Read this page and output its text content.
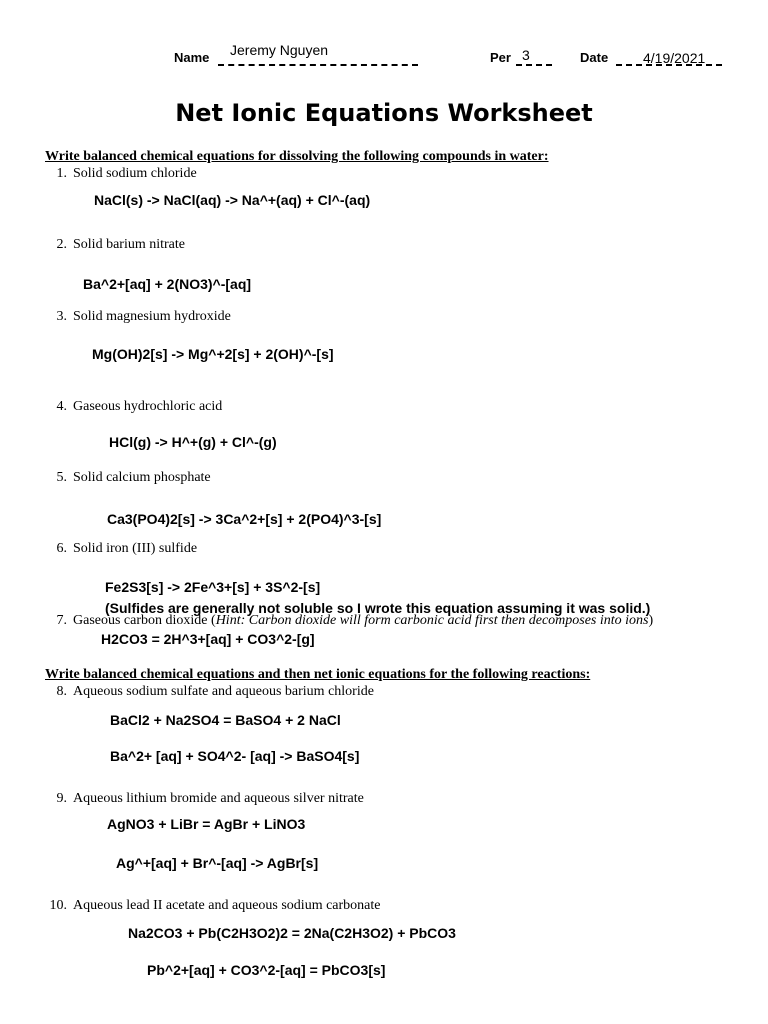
Name Jeremy Nguyen	Per 3	Date 4/19/2021
Net Ionic Equations Worksheet
Write balanced chemical equations for dissolving the following compounds in water:
1. Solid sodium chloride
NaCl(s) -> NaCl(aq) -> Na^+(aq) + Cl^-(aq)
2. Solid barium nitrate
Ba^2+[aq] + 2(NO3)^-[aq]
3. Solid magnesium hydroxide
Mg(OH)2[s] -> Mg^+2[s] + 2(OH)^-[s]
4. Gaseous hydrochloric acid
HCl(g) -> H^+(g) + Cl^-(g)
5. Solid calcium phosphate
Ca3(PO4)2[s] -> 3Ca^2+[s] + 2(PO4)^3-[s]
6. Solid iron (III) sulfide
Fe2S3[s] -> 2Fe^3+[s] + 3S^2-[s]
(Sulfides are generally not soluble so I wrote this equation assuming it was solid.)
7. Gaseous carbon dioxide (Hint: Carbon dioxide will form carbonic acid first then decomposes into ions)
H2CO3 = 2H^3+[aq] + CO3^2-[g]
Write balanced chemical equations and then net ionic equations for the following reactions:
8. Aqueous sodium sulfate and aqueous barium chloride
BaCl2 + Na2SO4 = BaSO4 + 2 NaCl
Ba^2+ [aq] + SO4^2- [aq] -> BaSO4[s]
9. Aqueous lithium bromide and aqueous silver nitrate
AgNO3 + LiBr = AgBr + LiNO3
Ag^+[aq] + Br^-[aq] -> AgBr[s]
10. Aqueous lead II acetate and aqueous sodium carbonate
Na2CO3 + Pb(C2H3O2)2 = 2Na(C2H3O2) + PbCO3
Pb^2+[aq] + CO3^2-[aq] = PbCO3[s]
